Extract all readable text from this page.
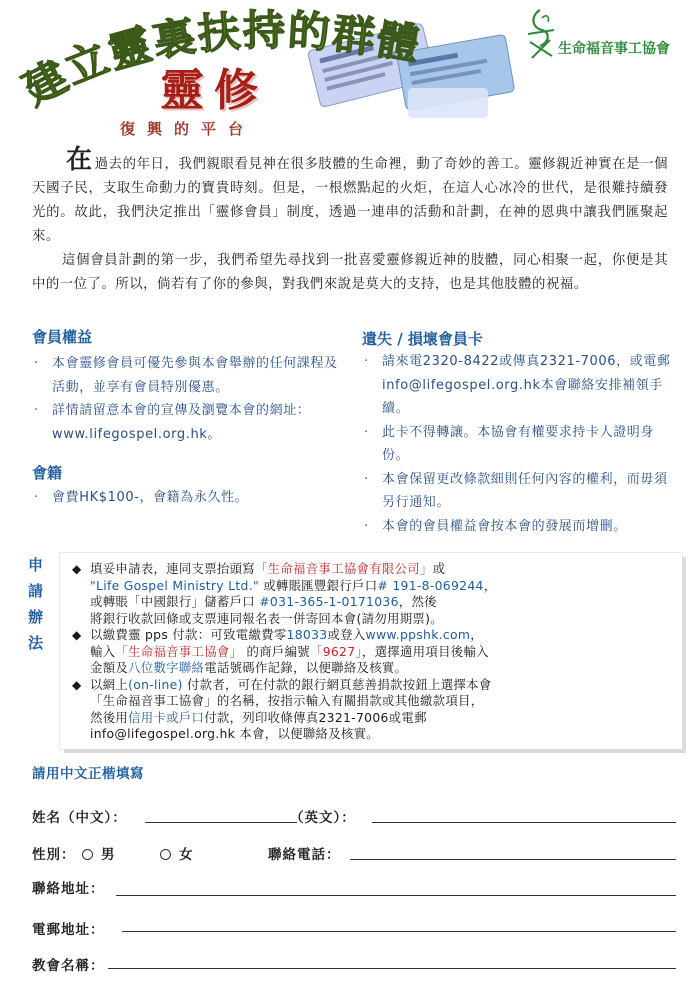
建立靈裏扶持的群體
靈修
復興的平台
生命福音事工協會

在過去的年日，我們親眼看見神在很多肢體的生命裡，動了奇妙的善工。靈修親近神實在是一個天國子民，支取生命動力的寶貴時刻。但是，一根燃點起的火炬，在這人心冰冷的世代，是很難持續發光的。故此，我們決定推出「靈修會員」制度，透過一連串的活動和計劃，在神的恩典中讓我們匯聚起來。

這個會員計劃的第一步，我們希望先尋找到一批喜愛靈修親近神的肢體，同心相聚一起，你便是其中的一位了。所以，倘若有了你的參與，對我們來說是莫大的支持，也是其他肢體的祝福。

會員權益
· 本會靈修會員可優先參與本會舉辦的任何課程及活動，並享有會員特別優惠。
· 詳情請留意本會的宣傳及瀏覽本會的網址：www.lifegospel.org.hk。
會籍
· 會費HK$100-，會籍為永久性。
遺失 / 損壞會員卡
· 請來電2320-8422或傳真2321-7006，或電郵info@lifegospel.org.hk本會聯絡安排補領手續。
· 此卡不得轉讓。本協會有權要求持卡人證明身份。
· 本會保留更改條款細則任何內容的權利，而毋須另行通知。
· 本會的會員權益會按本會的發展而增刪。
申請辦法
◆ 填妥申請表，連同支票抬頭寫「生命福音事工協會有限公司」或
"Life Gospel Ministry Ltd." 或轉賬匯豐銀行戶口# 191-8-069244，
或轉賬「中國銀行」儲蓄戶口 #031-365-1-0171036，然後
將銀行收款回條或支票連同報名表一併寄回本會(請勿用期票)。
◆ 以繳費靈 pps 付款：可致電繳費零18033或登入www.ppshk.com，
輸入「生命福音事工協會」 的商戶編號「9627」，選擇適用項目後輸入
金額及八位數字聯絡電話號碼作記錄，以便聯絡及核實。
◆ 以網上(on-line) 付款者，可在付款的銀行網頁慈善捐款按鈕上選擇本會
「生命福音事工協會」的名稱，按指示輸入有關捐款或其他繳款項目，
然後用信用卡或戶口付款，列印收條傳真2321-7006或電郵
info@lifegospel.org.hk 本會，以便聯絡及核實。
請用中文正楷填寫
姓名（中文）：	（英文）：
性別：	男	女	聯絡電話：
聯絡地址：
電郵地址：
教會名稱：
